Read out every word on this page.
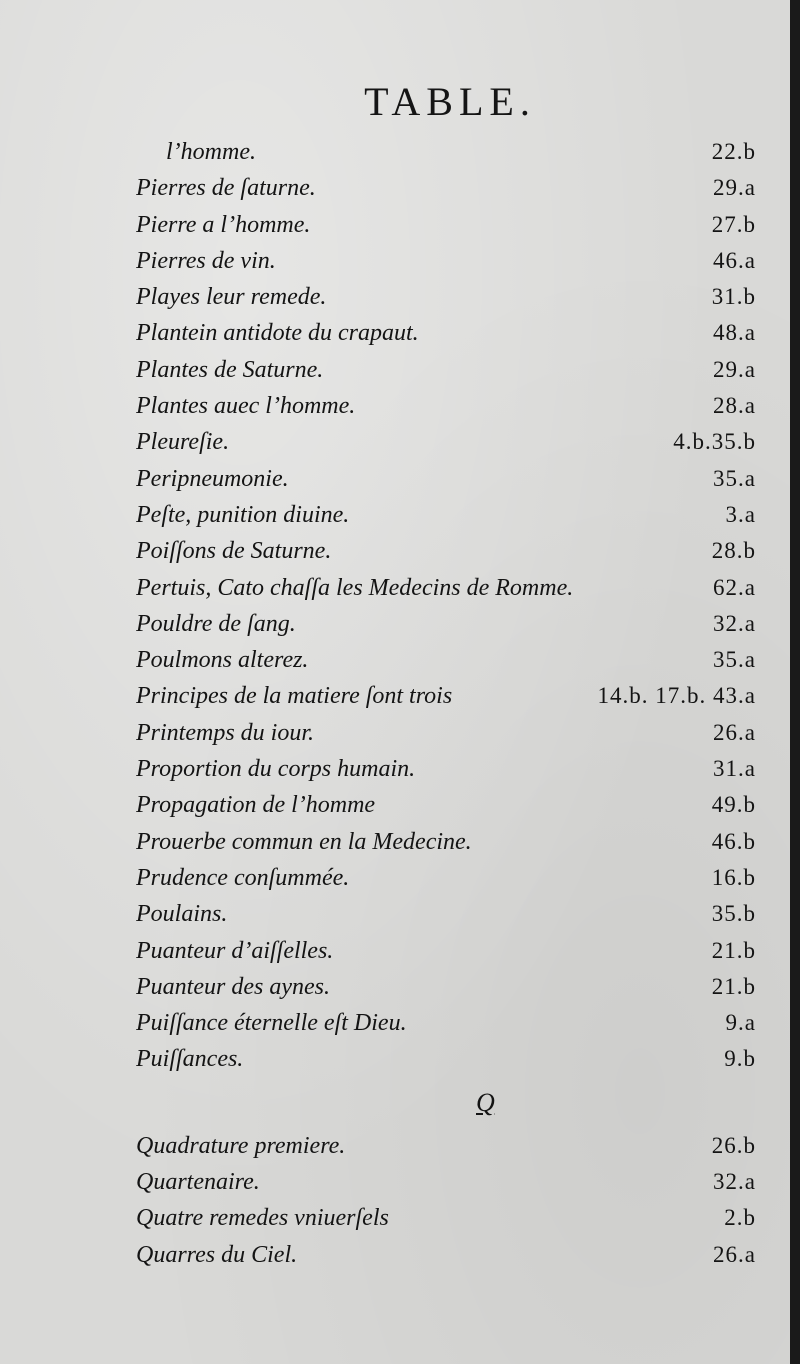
TABLE.
l’homme.	22.b
Pierres de ſaturne.	29.a
Pierre a l’homme.	27.b
Pierres de vin.	46.a
Playes leur remede.	31.b
Plantein antidote du crapaut.	48.a
Plantes de Saturne.	29.a
Plantes auec l’homme.	28.a
Pleureſie.	4.b.35.b
Peripneumonie.	35.a
Peſte, punition diuine.	3.a
Poiſſons de Saturne.	28.b
Pertuis, Cato chaſſa les Medecins de Romme.	62.a
Pouldre de ſang.	32.a
Poulmons alterez.	35.a
Principes de la matiere ſont trois	14.b. 17.b. 43.a
Printemps du iour.	26.a
Proportion du corps humain.	31.a
Propagation de l’homme	49.b
Prouerbe commun en la Medecine.	46.b
Prudence conſummée.	16.b
Poulains.	35.b
Puanteur d’aiſſelles.	21.b
Puanteur des aynes.	21.b
Puiſſance éternelle eſt Dieu.	9.a
Puiſſances.	9.b
Q
Quadrature premiere.	26.b
Quartenaire.	32.a
Quatre remedes vniuerſels	2.b
Quarres du Ciel.	26.a
